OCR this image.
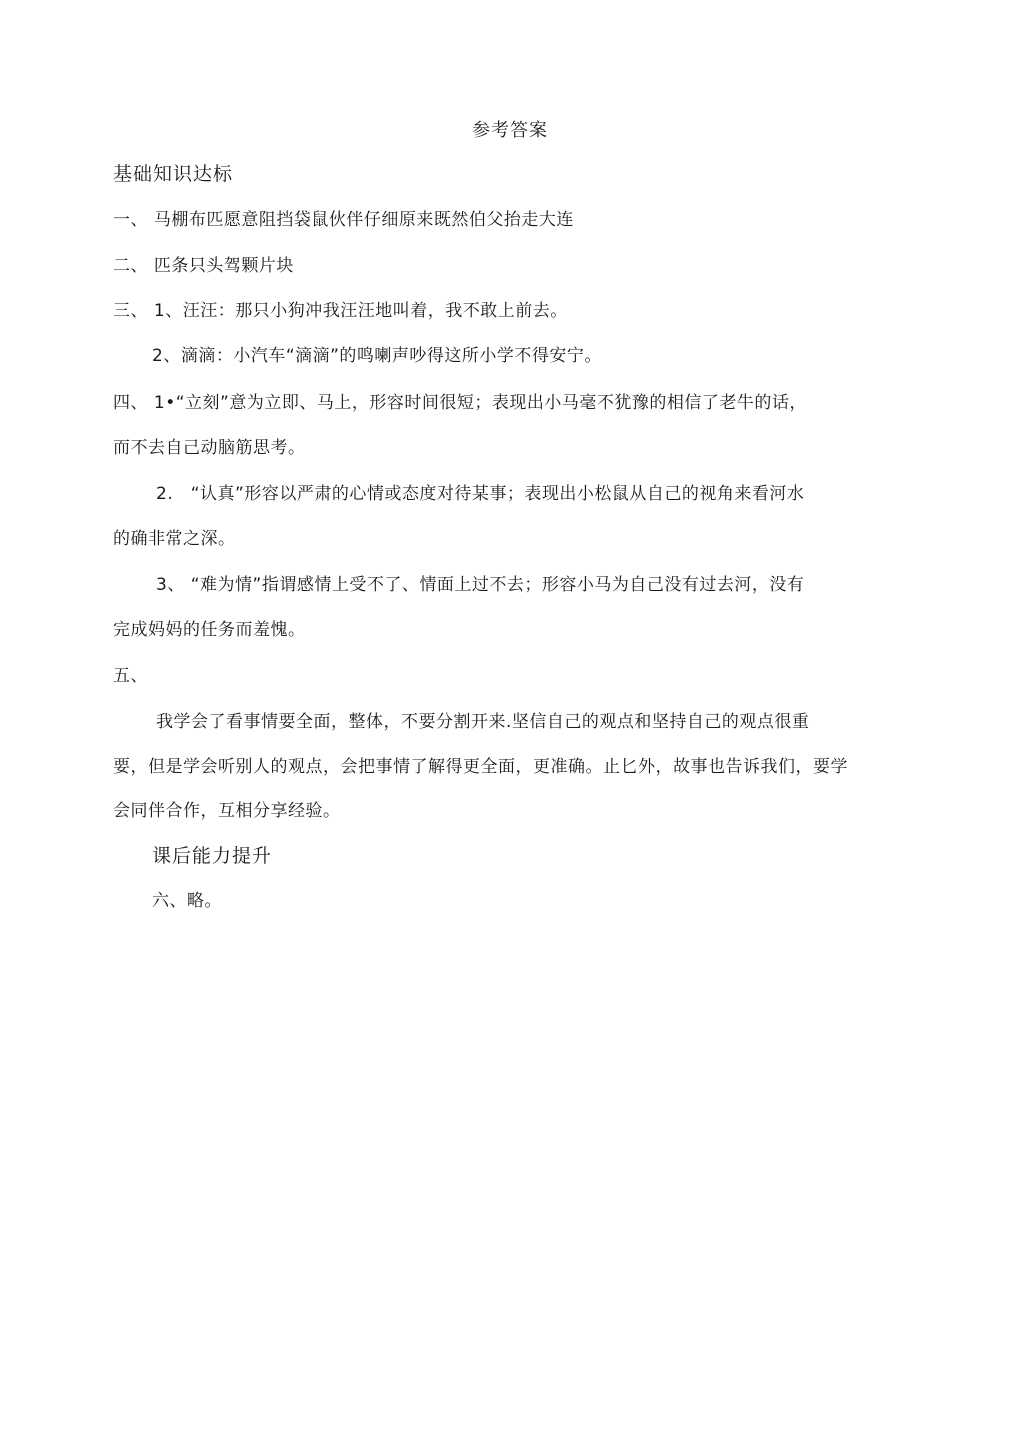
参考答案
基础知识达标
一、 马棚布匹愿意阻挡袋鼠伙伴仔细原来既然伯父抬走大连
二、 匹条只头驾颗片块
三、 1、汪汪：那只小狗冲我汪汪地叫着，我不敢上前去。
2、滴滴：小汽车“滴滴”的鸣喇声吵得这所小学不得安宁。
四、 1•“立刻”意为立即、马上，形容时间很短；表现出小马毫不犹豫的相信了老牛的话，
而不去自己动脑筋思考。
2.　“认真”形容以严肃的心情或态度对待某事；表现出小松鼠从自己的视角来看河水
的确非常之深。
3、 “难为情”指谓感情上受不了、情面上过不去；形容小马为自己没有过去河，没有
完成妈妈的任务而羞愧。
五、
我学会了看事情要全面，整体，不要分割开来.坚信自己的观点和坚持自己的观点很重
要，但是学会听别人的观点，会把事情了解得更全面，更准确。止匕外，故事也告诉我们，要学
会同伴合作，互相分享经验。
课后能力提升
六、略。
